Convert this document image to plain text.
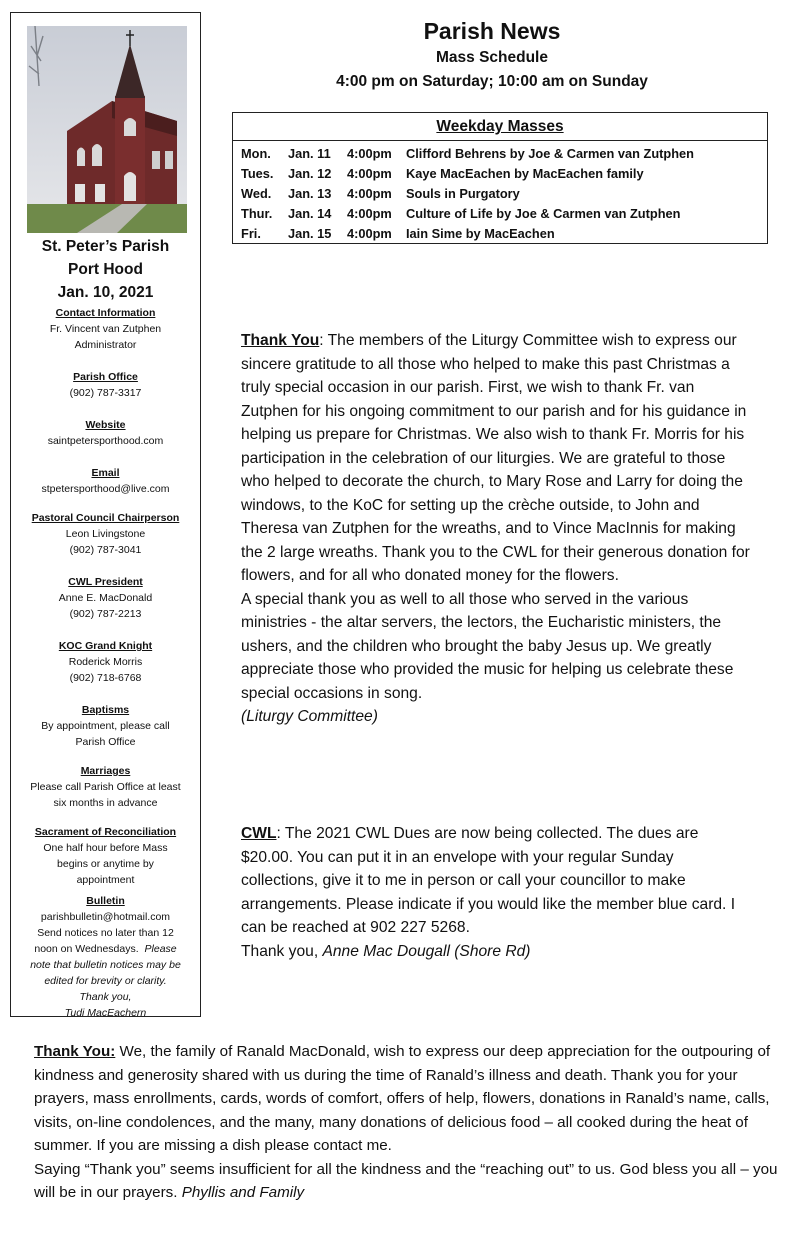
St. Peter’s Parish
Port Hood
Jan. 10, 2021
Contact Information
Fr. Vincent van Zutphen
Administrator
Parish Office
(902) 787-3317
Website
saintpetersporthood.com
Email
stpetersporthood@live.com
Pastoral Council Chairperson
Leon Livingstone
(902) 787-3041
CWL President
Anne E. MacDonald
(902) 787-2213
KOC Grand Knight
Roderick Morris
(902) 718-6768
Baptisms
By appointment, please call
Parish Office
Marriages
Please call Parish Office at least
six months in advance
Sacrament of Reconciliation
One half hour before Mass
begins or anytime by
appointment
Bulletin
parishbulletin@hotmail.com
Send notices no later than 12
noon on Wednesdays. Please
note that bulletin notices may be
edited for brevity or clarity.
Thank you,
Tudi MacEachern
Parish News
Mass Schedule
4:00 pm on Saturday; 10:00 am on Sunday
Weekday Masses
Mon. Jan. 11 4:00pm Clifford Behrens by Joe & Carmen van Zutphen
Tues. Jan. 12 4:00pm Kaye MacEachen by MacEachen family
Wed. Jan. 13 4:00pm Souls in Purgatory
Thur. Jan. 14 4:00pm Culture of Life by Joe & Carmen van Zutphen
Fri. Jan. 15 4:00pm Iain Sime by MacEachen
Thank You: The members of the Liturgy Committee wish to express our sincere gratitude to all those who helped to make this past Christmas a truly special occasion in our parish. First, we wish to thank Fr. van Zutphen for his ongoing commitment to our parish and for his guidance in helping us prepare for Christmas. We also wish to thank Fr. Morris for his participation in the celebration of our liturgies. We are grateful to those who helped to decorate the church, to Mary Rose and Larry for doing the windows, to the KoC for setting up the crèche outside, to John and Theresa van Zutphen for the wreaths, and to Vince MacInnis for making the 2 large wreaths. Thank you to the CWL for their generous donation for flowers, and for all who donated money for the flowers.
A special thank you as well to all those who served in the various ministries - the altar servers, the lectors, the Eucharistic ministers, the ushers, and the children who brought the baby Jesus up. We greatly appreciate those who provided the music for helping us celebrate these special occasions in song.
(Liturgy Committee)
CWL: The 2021 CWL Dues are now being collected. The dues are $20.00. You can put it in an envelope with your regular Sunday collections, give it to me in person or call your councillor to make arrangements. Please indicate if you would like the member blue card. I can be reached at 902 227 5268.
Thank you, Anne Mac Dougall (Shore Rd)
Thank You: We, the family of Ranald MacDonald, wish to express our deep appreciation for the outpouring of kindness and generosity shared with us during the time of Ranald’s illness and death. Thank you for your prayers, mass enrollments, cards, words of comfort, offers of help, flowers, donations in Ranald’s name, calls, visits, on-line condolences, and the many, many donations of delicious food – all cooked during the heat of summer. If you are missing a dish please contact me.
Saying “Thank you” seems insufficient for all the kindness and the “reaching out” to us. God bless you all – you will be in our prayers. Phyllis and Family
